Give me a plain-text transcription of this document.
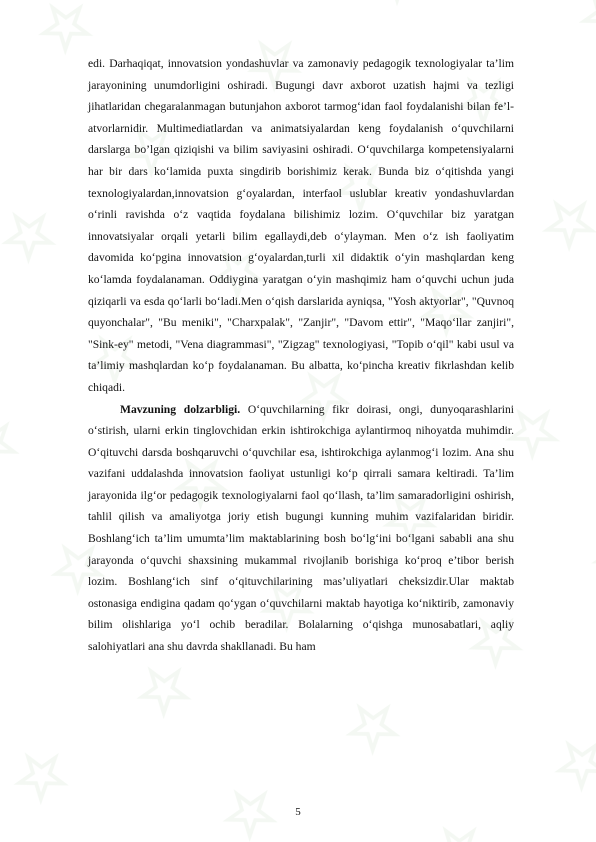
edi. Darhaqiqat, innovatsion yondashuvlar va zamonaviy pedagogik texnologiyalar ta’lim jarayonining unumdorligini oshiradi. Bugungi davr axborot uzatish hajmi va tezligi jihatlaridan chegaralanmagan butunjahon axborot tarmog‘idan faol foydalanishi bilan fe’l-atvorlarnidir. Multimediatlardan va animatsiyalardan keng foydalanish o‘quvchilarni darslarga bo’lgan qiziqishi va bilim saviyasini oshiradi. O‘quvchilarga kompetensiyalarni har bir dars ko‘lamida puxta singdirib borishimiz kerak. Bunda biz o‘qitishda yangi texnologiyalardan,innovatsion g‘oyalardan, interfaol uslublar kreativ yondashuvlardan o‘rinli ravishda o‘z vaqtida foydalana bilishimiz lozim. O‘quvchilar biz yaratgan innovatsiyalar orqali yetarli bilim egallaydi,deb o‘ylayman. Men o‘z ish faoliyatim davomida ko‘pgina innovatsion g‘oyalardan,turli xil didaktik o‘yin mashqlardan keng ko‘lamda foydalanaman. Oddiygina yaratgan o‘yin mashqimiz ham o‘quvchi uchun juda qiziqarli va esda qo‘larli bo‘ladi.Men o‘qish darslarida ayniqsa, "Yosh aktyorlar", "Quvnoq quyonchalar", "Bu meniki", "Charxpalak", "Zanjir", "Davom ettir", "Maqo‘llar zanjiri", "Sink-ey" metodi, "Vena diagrammasi", "Zigzag" texnologiyasi, "Topib o‘qil" kabi usul va ta’limiy mashqlardan ko‘p foydalanaman. Bu albatta, ko‘pincha kreativ fikrlashdan kelib chiqadi.

Mavzuning dolzarbligi. O‘quvchilarning fikr doirasi, ongi, dunyoqarashlarini o‘stirish, ularni erkin tinglovchidan erkin ishtirokchiga aylantirmoq nihoyatda muhimdir. O‘qituvchi darsda boshqaruvchi o‘quvchilar esa, ishtirokchiga aylanmog‘i lozim. Ana shu vazifani uddalashda innovatsion faoliyat ustunligi ko‘p qirrali samara keltiradi. Ta’lim jarayonida ilg‘or pedagogik texnologiyalarni faol qo‘llash, ta’lim samaradorligini oshirish, tahlil qilish va amaliyotga joriy etish bugungi kunning muhim vazifalaridan biridir. Boshlang‘ich ta’lim umumta’lim maktablarining bosh bo‘lg‘ini bo‘lgani sababli ana shu jarayonda o‘quvchi shaxsining mukammal rivojlanib borishiga ko‘proq e’tibor berish lozim. Boshlang‘ich sinf o‘qituvchilarining mas’uliyatlari cheksizdir.Ular maktab ostonasiga endigina qadam qo‘ygan o‘quvchilarni maktab hayotiga ko‘niktirib, zamonaviy bilim olishlariga yo‘l ochib beradilar. Bolalarning o‘qishga munosabatlari, aqliy salohiyatlari ana shu davrda shakllanadi. Bu ham

5
